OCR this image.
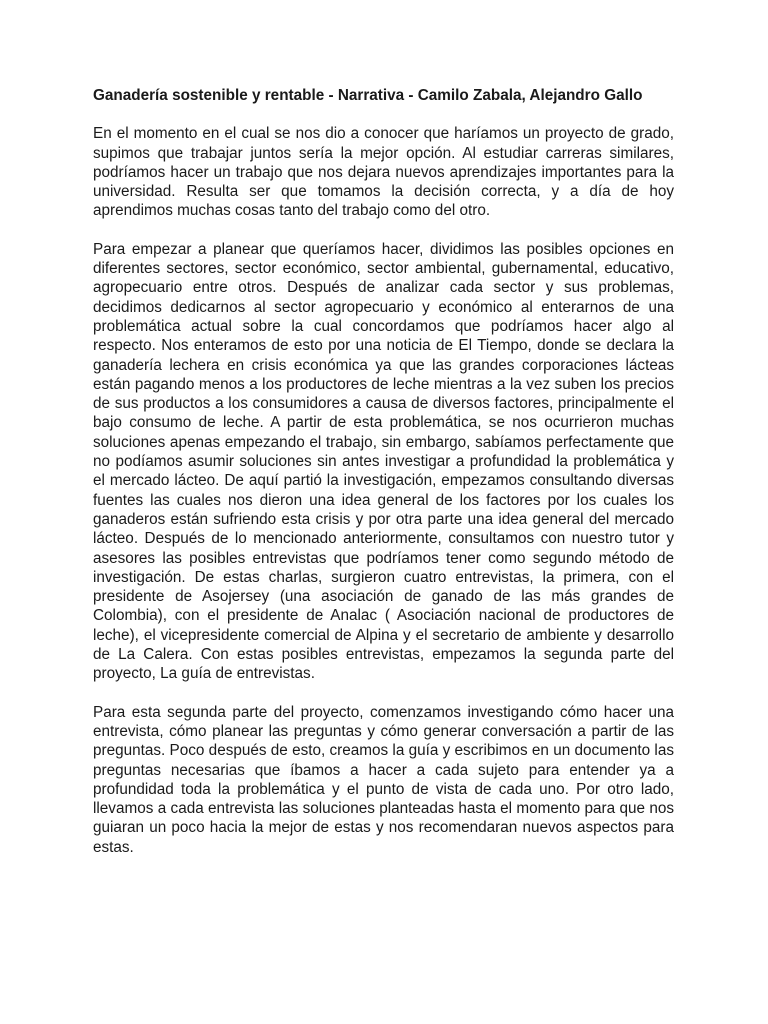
Ganadería sostenible y rentable - Narrativa - Camilo Zabala, Alejandro Gallo

En el momento en el cual se nos dio a conocer que haríamos un proyecto de grado, supimos que trabajar juntos sería la mejor opción. Al estudiar carreras similares, podríamos hacer un trabajo que nos dejara nuevos aprendizajes importantes para la universidad. Resulta ser que tomamos la decisión correcta, y a día de hoy aprendimos muchas cosas tanto del trabajo como del otro.

Para empezar a planear que queríamos hacer, dividimos las posibles opciones en diferentes sectores, sector económico, sector ambiental, gubernamental, educativo, agropecuario entre otros. Después de analizar cada sector y sus problemas, decidimos dedicarnos al sector agropecuario y económico al enterarnos de una problemática actual sobre la cual concordamos que podríamos hacer algo al respecto. Nos enteramos de esto por una noticia de El Tiempo, donde se declara la ganadería lechera en crisis económica ya que las grandes corporaciones lácteas están pagando menos a los productores de leche mientras a la vez suben los precios de sus productos a los consumidores a causa de diversos factores, principalmente el bajo consumo de leche. A partir de esta problemática, se nos ocurrieron muchas soluciones apenas empezando el trabajo, sin embargo, sabíamos perfectamente que no podíamos asumir soluciones sin antes investigar a profundidad la problemática y el mercado lácteo. De aquí partió la investigación, empezamos consultando diversas fuentes las cuales nos dieron una idea general de los factores por los cuales los ganaderos están sufriendo esta crisis y por otra parte una idea general del mercado lácteo. Después de lo mencionado anteriormente, consultamos con nuestro tutor y asesores las posibles entrevistas que podríamos tener como segundo método de investigación. De estas charlas, surgieron cuatro entrevistas, la primera, con el presidente de Asojersey (una asociación de ganado de las más grandes de Colombia), con el presidente de Analac ( Asociación nacional de productores de leche), el vicepresidente comercial de Alpina y el secretario de ambiente y desarrollo de La Calera. Con estas posibles entrevistas, empezamos la segunda parte del proyecto, La guía de entrevistas.

Para esta segunda parte del proyecto, comenzamos investigando cómo hacer una entrevista, cómo planear las preguntas y cómo generar conversación a partir de las preguntas. Poco después de esto, creamos la guía y escribimos en un documento las preguntas necesarias que íbamos a hacer a cada sujeto para entender ya a profundidad toda la problemática y el punto de vista de cada uno. Por otro lado, llevamos a cada entrevista las soluciones planteadas hasta el momento para que nos guiaran un poco hacia la mejor de estas y nos recomendaran nuevos aspectos para estas.
